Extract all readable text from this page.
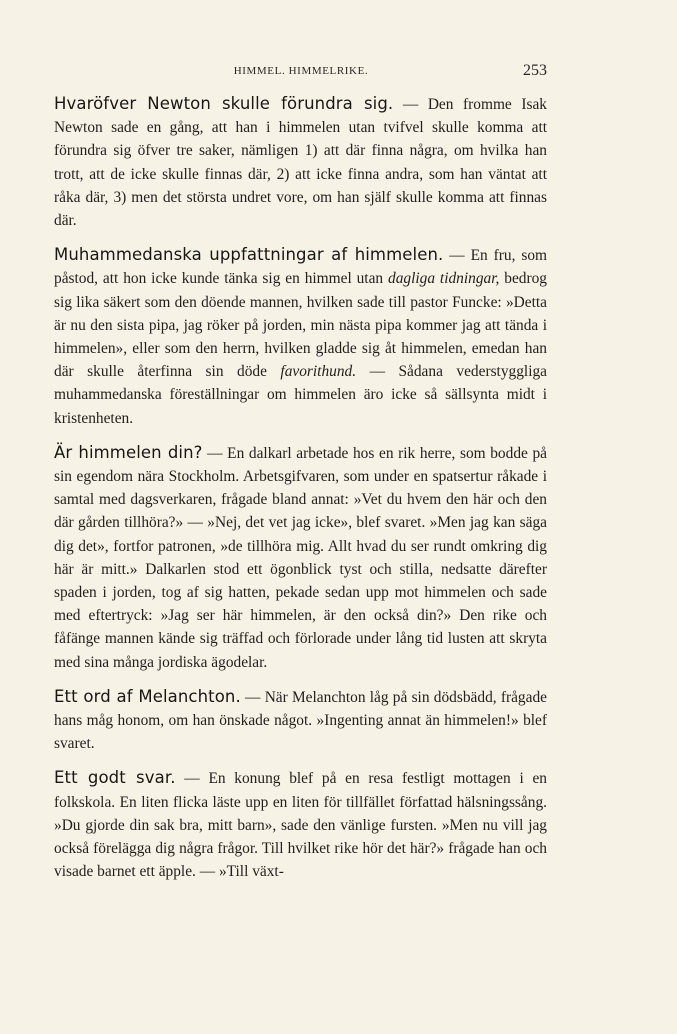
HIMMEL. HIMMELRIKE.	253

Hvaröfver Newton skulle förundra sig. — Den fromme Isak Newton sade en gång, att han i himmelen utan tvifvel skulle komma att förundra sig öfver tre saker, nämligen 1) att där finna några, om hvilka han trott, att de icke skulle finnas där, 2) att icke finna andra, som han väntat att råka där, 3) men det största undret vore, om han själf skulle komma att finnas där.

Muhammedanska uppfattningar af himmelen. — En fru, som påstod, att hon icke kunde tänka sig en himmel utan dagliga tidningar, bedrog sig lika säkert som den döende mannen, hvilken sade till pastor Funcke: »Detta är nu den sista pipa, jag röker på jorden, min nästa pipa kommer jag att tända i himmelen», eller som den herrn, hvilken gladde sig åt himmelen, emedan han där skulle återfinna sin döde favorithund. — Sådana vederstyggliga muhammedanska föreställningar om himmelen äro icke så sällsynta midt i kristenheten.

Är himmelen din? — En dalkarl arbetade hos en rik herre, som bodde på sin egendom nära Stockholm. Arbetsgifvaren, som under en spatsertur råkade i samtal med dagsverkaren, frågade bland annat: »Vet du hvem den här och den där gården tillhöra?» — »Nej, det vet jag icke», blef svaret. »Men jag kan säga dig det», fortfor patronen, »de tillhöra mig. Allt hvad du ser rundt omkring dig här är mitt.» Dalkarlen stod ett ögonblick tyst och stilla, nedsatte därefter spaden i jorden, tog af sig hatten, pekade sedan upp mot himmelen och sade med eftertryck: »Jag ser här himmelen, är den också din?» Den rike och fåfänge mannen kände sig träffad och förlorade under lång tid lusten att skryta med sina många jordiska ägodelar.

Ett ord af Melanchton. — När Melanchton låg på sin dödsbädd, frågade hans måg honom, om han önskade något. »Ingenting annat än himmelen!» blef svaret.

Ett godt svar. — En konung blef på en resa festligt mottagen i en folkskola. En liten flicka läste upp en liten för tillfället författad hälsningssång. »Du gjorde din sak bra, mitt barn», sade den vänlige fursten. »Men nu vill jag också förelägga dig några frågor. Till hvilket rike hör det här?» frågade han och visade barnet ett äpple. — »Till växt-
